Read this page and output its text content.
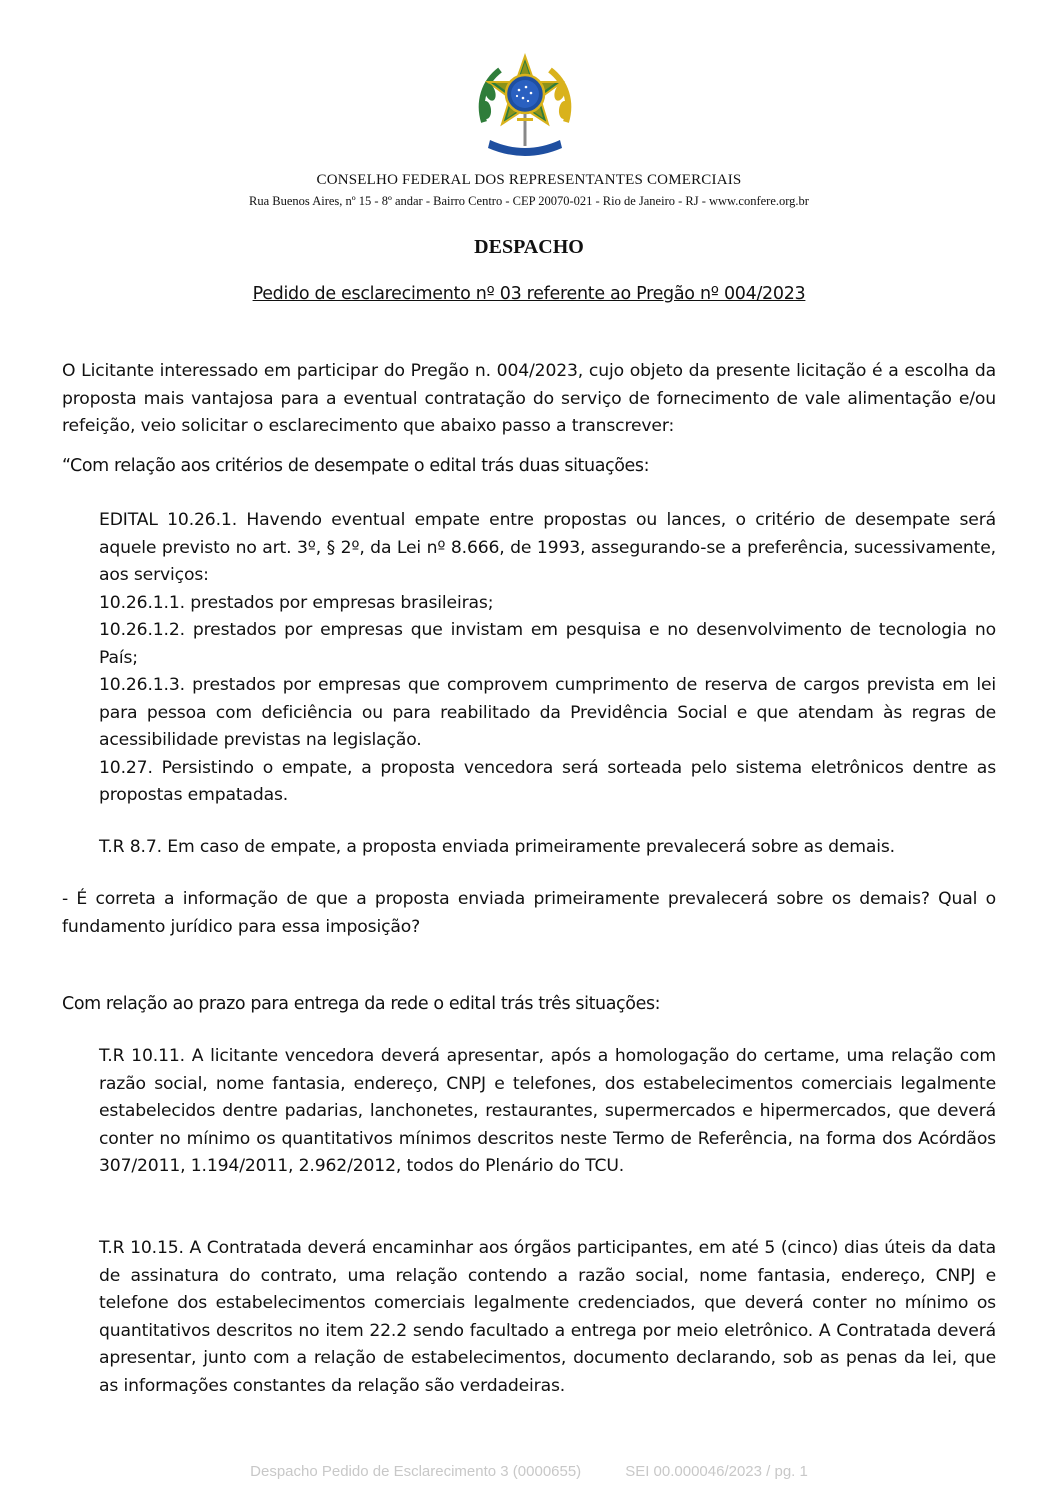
CONSELHO FEDERAL DOS REPRESENTANTES COMERCIAIS
Rua Buenos Aires, nº 15 - 8º andar - Bairro Centro - CEP 20070-021 - Rio de Janeiro - RJ - www.confere.org.br
DESPACHO
Pedido de esclarecimento nº 03 referente ao Pregão nº 004/2023

O Licitante interessado em participar do Pregão n. 004/2023, cujo objeto da presente licitação é a escolha da proposta mais vantajosa para a eventual contratação do serviço de fornecimento de vale alimentação e/ou refeição, veio solicitar o esclarecimento que abaixo passo a transcrever:

“Com relação aos critérios de desempate o edital trás duas situações:

EDITAL 10.26.1. Havendo eventual empate entre propostas ou lances, o critério de desempate será aquele previsto no art. 3º, § 2º, da Lei nº 8.666, de 1993, assegurando-se a preferência, sucessivamente, aos serviços:

10.26.1.1. prestados por empresas brasileiras;

10.26.1.2. prestados por empresas que invistam em pesquisa e no desenvolvimento de tecnologia no País;

10.26.1.3. prestados por empresas que comprovem cumprimento de reserva de cargos prevista em lei para pessoa com deficiência ou para reabilitado da Previdência Social e que atendam às regras de acessibilidade previstas na legislação.

10.27. Persistindo o empate, a proposta vencedora será sorteada pelo sistema eletrônicos dentre as propostas empatadas.

T.R 8.7. Em caso de empate, a proposta enviada primeiramente prevalecerá sobre as demais.

- É correta a informação de que a proposta enviada primeiramente prevalecerá sobre os demais? Qual o fundamento jurídico para essa imposição?

Com relação ao prazo para entrega da rede o edital trás três situações:

T.R 10.11. A licitante vencedora deverá apresentar, após a homologação do certame, uma relação com razão social, nome fantasia, endereço, CNPJ e telefones, dos estabelecimentos comerciais legalmente estabelecidos dentre padarias, lanchonetes, restaurantes, supermercados e hipermercados, que deverá conter no mínimo os quantitativos mínimos descritos neste Termo de Referência, na forma dos Acórdãos 307/2011, 1.194/2011, 2.962/2012, todos do Plenário do TCU.

T.R 10.15. A Contratada deverá encaminhar aos órgãos participantes, em até 5 (cinco) dias úteis da data de assinatura do contrato, uma relação contendo a razão social, nome fantasia, endereço, CNPJ e telefone dos estabelecimentos comerciais legalmente credenciados, que deverá conter no mínimo os quantitativos descritos no item 22.2 sendo facultado a entrega por meio eletrônico. A Contratada deverá apresentar, junto com a relação de estabelecimentos, documento declarando, sob as penas da lei, que as informações constantes da relação são verdadeiras.

Despacho Pedido de Esclarecimento 3 (0000655)	SEI 00.000046/2023 / pg. 1
